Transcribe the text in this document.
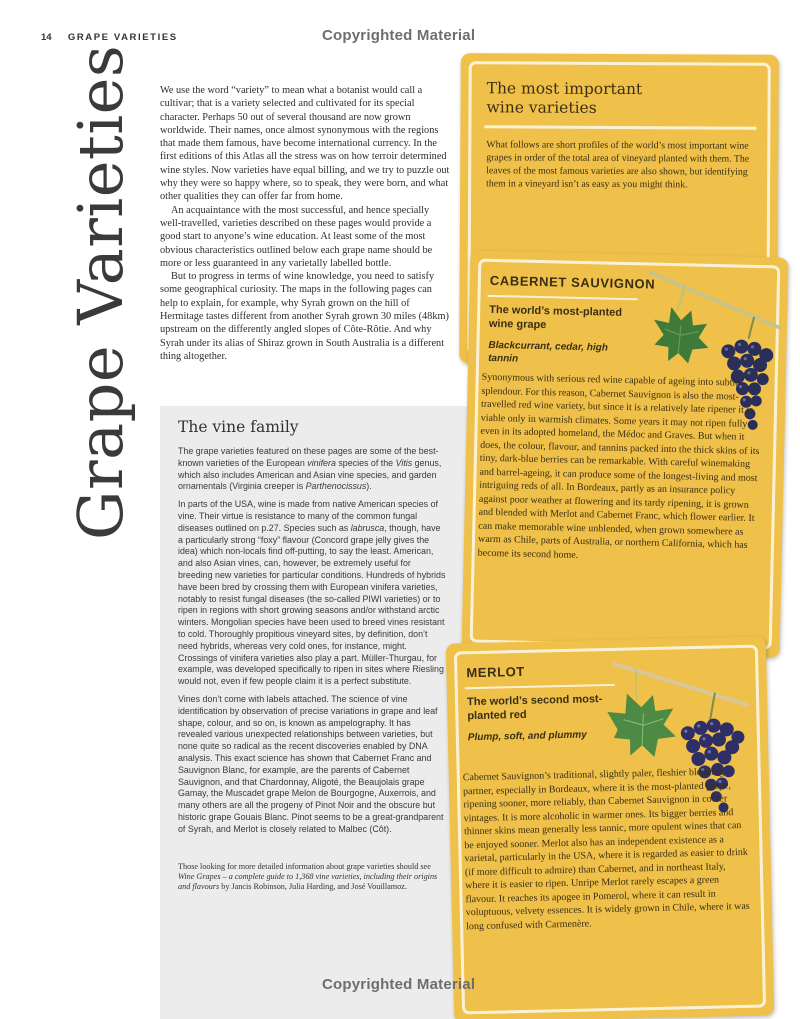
14 GRAPE VARIETIES	Copyrighted Material
Grape Varieties We use the word “variety” to mean what a botanist would call a cultivar; that is a variety selected and cultivated for its special character. Perhaps 50 out of several thousand are now grown worldwide. Their names, once almost synonymous with the regions that made them famous, have become international currency. In the first editions of this Atlas all the stress was on how terroir determined wine styles. Now varieties have equal billing, and we try to puzzle out why they were so happy where, so to speak, they were born, and what other qualities they can offer far from home.

An acquaintance with the most successful, and hence specially well-travelled, varieties described on these pages would provide a good start to anyone’s wine education. At least some of the most obvious characteristics outlined below each grape name should be more or less guaranteed in any varietally labelled bottle.

But to progress in terms of wine knowledge, you need to satisfy some geographical curiosity. The maps in the following pages can help to explain, for example, why Syrah grown on the hill of Hermitage tastes different from another Syrah grown 30 miles (48km) upstream on the differently angled slopes of Côte-Rôtie. And why Syrah under its alias of Shiraz grown in South Australia is a different thing altogether.

The vine family

The grape varieties featured on these pages are some of the best-known varieties of the European vinifera species of the Vitis genus, which also includes American and Asian vine species, and garden ornamentals (Virginia creeper is Parthenocissus).

In parts of the USA, wine is made from native American species of vine. Their virtue is resistance to many of the common fungal diseases outlined on p.27. Species such as labrusca, though, have a particularly strong “foxy” flavour (Concord grape jelly gives the idea) which non-locals find off-putting, to say the least. American, and also Asian vines, can, however, be extremely useful for breeding new varieties for particular conditions. Hundreds of hybrids have been bred by crossing them with European vinifera varieties, notably to resist fungal diseases (the so-called PIWI varieties) or to ripen in regions with short growing seasons and/or withstand arctic winters. Mongolian species have been used to breed vines resistant to cold. Thoroughly propitious vineyard sites, by definition, don’t need hybrids, whereas very cold ones, for instance, might. Crossings of vinifera varieties also play a part. Müller-Thurgau, for example, was developed specifically to ripen in sites where Riesling would not, even if few people claim it is a perfect substitute.

Vines don’t come with labels attached. The science of vine identification by observation of precise variations in grape and leaf shape, colour, and so on, is known as ampelography. It has revealed various unexpected relationships between varieties, but none quite so radical as the recent discoveries enabled by DNA analysis. This exact science has shown that Cabernet Franc and Sauvignon Blanc, for example, are the parents of Cabernet Sauvignon, and that Chardonnay, Aligoté, the Beaujolais grape Gamay, the Muscadet grape Melon de Bourgogne, Auxerrois, and many others are all the progeny of Pinot Noir and the obscure but historic grape Gouais Blanc. Pinot seems to be a great-grandparent of Syrah, and Merlot is closely related to Malbec (Côt).

Those looking for more detailed information about grape varieties should see Wine Grapes – a complete guide to 1,368 vine varieties, including their origins and flavours by Jancis Robinson, Julia Harding, and José Vouillamoz.

The most important
wine varieties

What follows are short profiles of the world’s most important wine grapes in order of the total area of vineyard planted with them. The leaves of the most famous varieties are also shown, but identifying them in a vineyard isn’t as easy as you might think.

CABERNET SAUVIGNON
The world’s most-planted wine grape
Blackcurrant, cedar, high tannin
Synonymous with serious red wine capable of ageing into subtle splendour. For this reason, Cabernet Sauvignon is also the most-travelled red wine variety, but since it is a relatively late ripener it is viable only in warmish climates. Some years it may not ripen fully even in its adopted homeland, the Médoc and Graves. But when it does, the colour, flavour, and tannins packed into the thick skins of its tiny, dark-blue berries can be remarkable. With careful winemaking and barrel-ageing, it can produce some of the longest-living and most intriguing reds of all. In Bordeaux, partly as an insurance policy against poor weather at flowering and its tardy ripening, it is grown and blended with Merlot and Cabernet Franc, which flower earlier. It can make memorable wine unblended, when grown somewhere as warm as Chile, parts of Australia, or northern California, which has become its second home.
MERLOT
The world’s second most-planted red
Plump, soft, and plummy
Cabernet Sauvignon’s traditional, slightly paler, fleshier blending partner, especially in Bordeaux, where it is the most-planted grape, ripening sooner, more reliably, than Cabernet Sauvignon in cooler vintages. It is more alcoholic in warmer ones. Its bigger berries and thinner skins mean generally less tannic, more opulent wines that can be enjoyed sooner. Merlot also has an independent existence as a varietal, particularly in the USA, where it is regarded as easier to drink (if more difficult to admire) than Cabernet, and in northeast Italy, where it is easier to ripen. Unripe Merlot rarely escapes a green flavour. It reaches its apogee in Pomerol, where it can result in voluptuous, velvety essences. It is widely grown in Chile, where it was long confused with Carmenère.
Copyrighted Material
